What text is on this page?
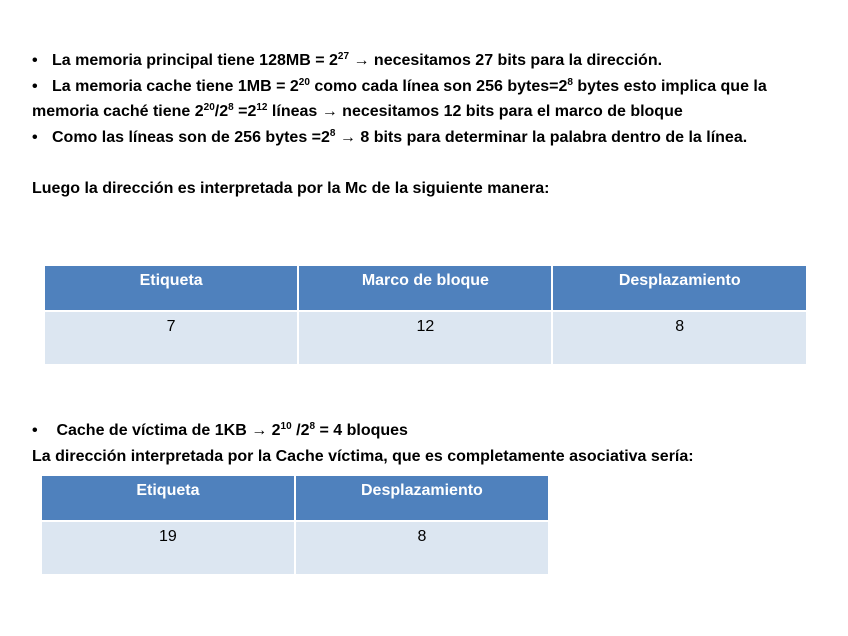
• La memoria principal tiene $128MB = 2^{27}$ → necesitamos 27 bits para la dirección.

• La memoria cache tiene $1MB = 2^{20}$ como cada línea son 256 $bytes=2^8$ bytes esto implica que la memoria caché tiene $2^{20}/2^8 =2^{12}$ líneas → necesitamos 12 bits para el marco de bloque

• Como las líneas son de 256 bytes $=2^8 \to 8$ bits para determinar la palabra dentro de la línea.

Luego la dirección es interpretada por la Mc de la siguiente manera:

Etiqueta	Marco de bloque	Desplazamiento
7	12	8

• Cache de víctima de $1KB \to 2^{10}$ $/2^8 = 4$ bloques

La dirección interpretada por la Cache víctima, que es completamente asociativa sería:

Etiqueta	Desplazamiento
19	8
